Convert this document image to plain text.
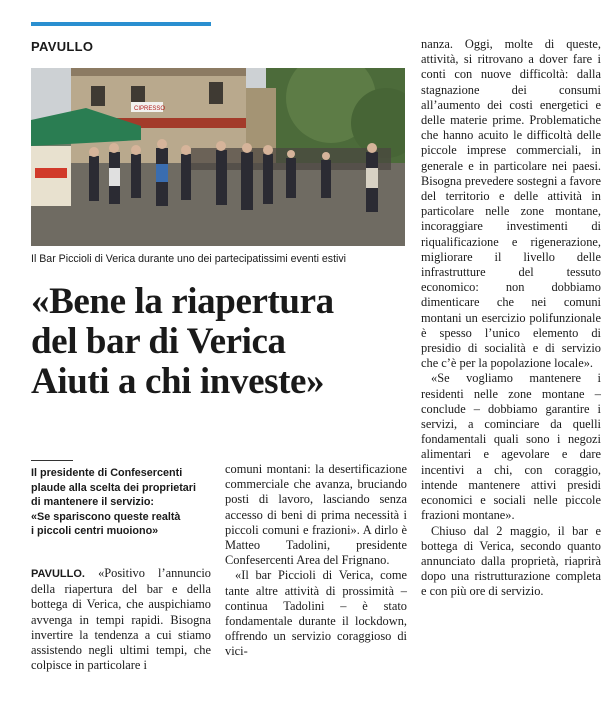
PAVULLO
CIPRESSO
Il Bar Piccioli di Verica durante uno dei partecipatissimi eventi estivi
«Bene la riapertura
del bar di Verica
Aiuti a chi investe»
Il presidente di Confesercenti
plaude alla scelta dei proprietari
di mantenere il servizio:
«Se spariscono queste realtà
i piccoli centri muoiono»

PAVULLO. «Positivo l’annuncio della riapertura del bar e della bottega di Verica, che auspichiamo avvenga in tempi rapidi. Bisogna invertire la tendenza a cui stiamo assistendo negli ultimi tempi, che colpisce in particolare i

comuni montani: la desertificazione commerciale che avanza, bruciando posti di lavoro, lasciando senza accesso di beni di prima necessità i piccoli comuni e frazioni». A dirlo è Matteo Tadolini, presidente Confesercenti Area del Frignano.

«Il bar Piccioli di Verica, come tante altre attività di prossimità – continua Tadolini – è stato fondamentale durante il lockdown, offrendo un servizio coraggioso di vici-

nanza. Oggi, molte di queste, attività, si ritrovano a dover fare i conti con nuove difficoltà: dalla stagnazione dei consumi all’aumento dei costi energetici e delle materie prime. Problematiche che hanno acuito le difficoltà delle piccole imprese commerciali, in generale e in particolare nei paesi. Bisogna prevedere sostegni a favore del territorio e delle attività in particolare nelle zone montane, incoraggiare investimenti di riqualificazione e rigenerazione, migliorare il livello delle infrastrutture del tessuto economico: non dobbiamo dimenticare che nei comuni montani un esercizio polifunzionale è spesso l’unico elemento di presidio di socialità e di servizio che c’è per la popolazione locale».

«Se vogliamo mantenere i residenti nelle zone montane – conclude – dobbiamo garantire i servizi, a cominciare da quelli fondamentali quali sono i negozi alimentari e agevolare e dare incentivi a chi, con coraggio, intende mantenere attivi presidi economici e sociali nelle piccole frazioni montane».

Chiuso dal 2 maggio, il bar e bottega di Verica, secondo quanto annunciato dalla proprietà, riaprirà dopo una ristrutturazione completa e con più ore di servizio.
